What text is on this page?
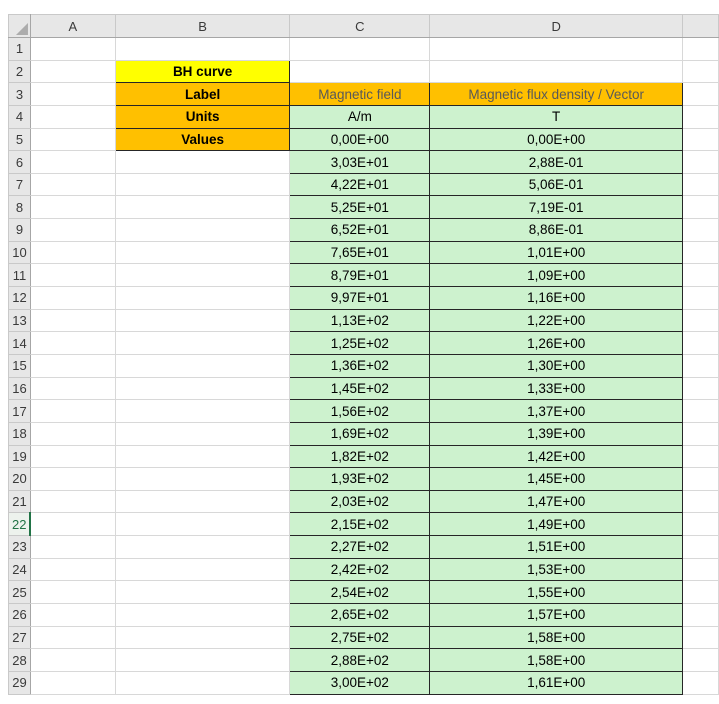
	A	B	C	D	
1					
2		BH curve			
3		Label	Magnetic field	Magnetic flux density / Vector	
4		Units	A/m	T	
5		Values	0,00E+00	0,00E+00	
6			3,03E+01	2,88E-01	
7			4,22E+01	5,06E-01	
8			5,25E+01	7,19E-01	
9			6,52E+01	8,86E-01	
10			7,65E+01	1,01E+00	
11			8,79E+01	1,09E+00	
12			9,97E+01	1,16E+00	
13			1,13E+02	1,22E+00	
14			1,25E+02	1,26E+00	
15			1,36E+02	1,30E+00	
16			1,45E+02	1,33E+00	
17			1,56E+02	1,37E+00	
18			1,69E+02	1,39E+00	
19			1,82E+02	1,42E+00	
20			1,93E+02	1,45E+00	
21			2,03E+02	1,47E+00	
22			2,15E+02	1,49E+00	
23			2,27E+02	1,51E+00	
24			2,42E+02	1,53E+00	
25			2,54E+02	1,55E+00	
26			2,65E+02	1,57E+00	
27			2,75E+02	1,58E+00	
28			2,88E+02	1,58E+00	
29			3,00E+02	1,61E+00	
